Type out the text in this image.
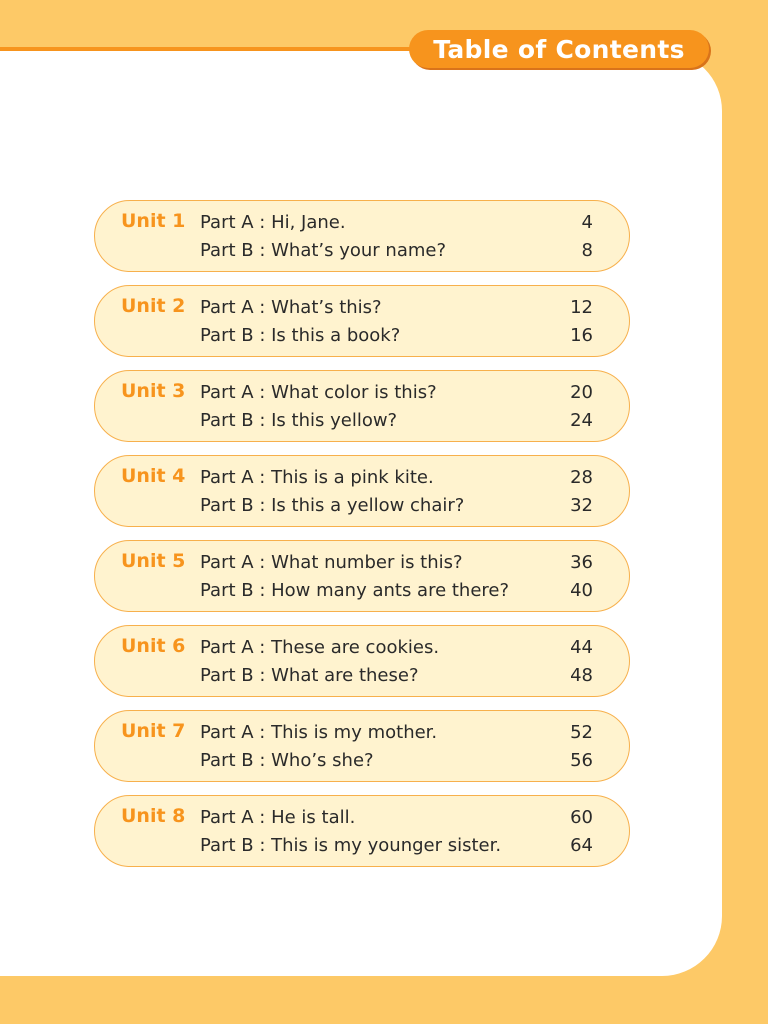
Table of Contents
Unit 1 Part A : Hi, Jane.
Part B : What’s your name?
4
8
Unit 2 Part A : What’s this?
Part B : Is this a book?
12
16
Unit 3 Part A : What color is this?
Part B : Is this yellow?
20
24
Unit 4 Part A : This is a pink kite.
Part B : Is this a yellow chair?
28
32
Unit 5 Part A : What number is this?
Part B : How many ants are there?
36
40
Unit 6 Part A : These are cookies.
Part B : What are these?
44
48
Unit 7 Part A : This is my mother.
Part B : Who’s she?
52
56
Unit 8 Part A : He is tall.
Part B : This is my younger sister.
60
64
